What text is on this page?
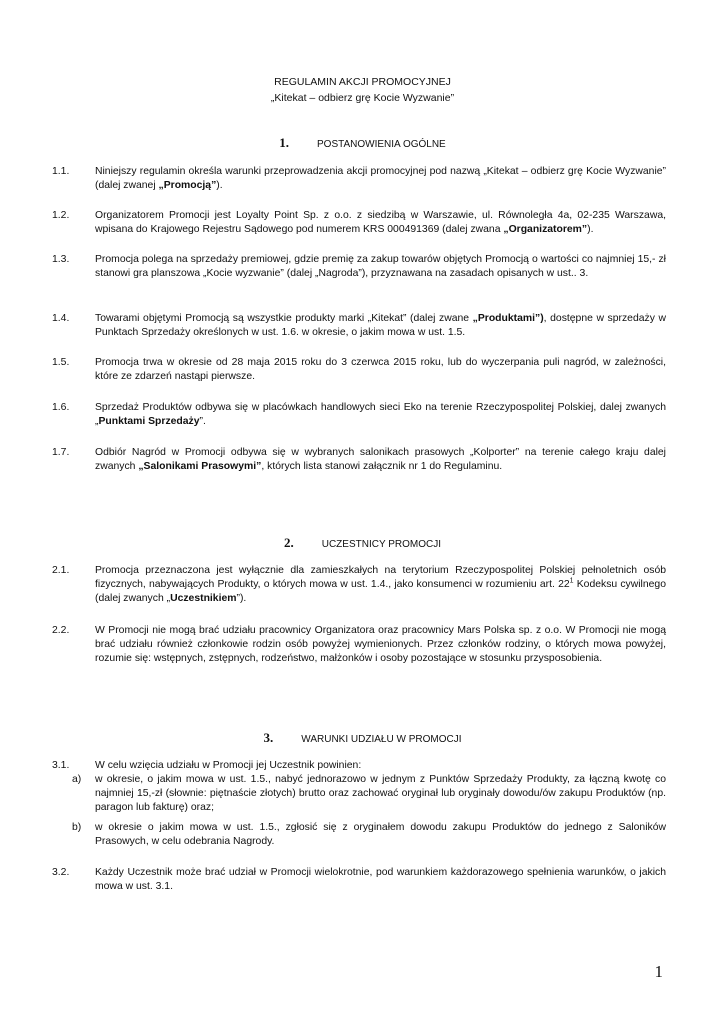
REGULAMIN AKCJI PROMOCYJNEJ
„Kitekat – odbierz grę Kocie Wyzwanie”
1.	POSTANOWIENIA OGÓLNE
1.1. Niniejszy regulamin określa warunki przeprowadzenia akcji promocyjnej pod nazwą „Kitekat – odbierz grę Kocie Wyzwanie” (dalej zwanej „Promocją”).
1.2. Organizatorem Promocji jest Loyalty Point Sp. z o.o. z siedzibą w Warszawie, ul. Równoległa 4a, 02-235 Warszawa, wpisana do Krajowego Rejestru Sądowego pod numerem KRS 000491369 (dalej zwana „Organizatorem”).
1.3. Promocja polega na sprzedaży premiowej, gdzie premię za zakup towarów objętych Promocją o wartości co najmniej 15,- zł stanowi gra planszowa „Kocie wyzwanie” (dalej „Nagroda”), przyznawana na zasadach opisanych w ust.. 3.
1.4. Towarami objętymi Promocją są wszystkie produkty marki „Kitekat” (dalej zwane „Produktami”), dostępne w sprzedaży w Punktach Sprzedaży określonych w ust. 1.6. w okresie, o jakim mowa w ust. 1.5.
1.5. Promocja trwa w okresie od 28 maja 2015 roku do 3 czerwca 2015 roku, lub do wyczerpania puli nagród, w zależności, które ze zdarzeń nastąpi pierwsze.
1.6. Sprzedaż Produktów odbywa się w placówkach handlowych sieci Eko na terenie Rzeczypospolitej Polskiej, dalej zwanych „Punktami Sprzedaży”.
1.7. Odbiór Nagród w Promocji odbywa się w wybranych salonikach prasowych „Kolporter” na terenie całego kraju dalej zwanych „Salonikami Prasowymi”, których lista stanowi załącznik nr 1 do Regulaminu.
2.	UCZESTNICY PROMOCJI
2.1. Promocja przeznaczona jest wyłącznie dla zamieszkałych na terytorium Rzeczypospolitej Polskiej pełnoletnich osób fizycznych, nabywających Produkty, o których mowa w ust. 1.4., jako konsumenci w rozumieniu art. $22^1$ Kodeksu cywilnego (dalej zwanych „Uczestnikiem”).
2.2. W Promocji nie mogą brać udziału pracownicy Organizatora oraz pracownicy Mars Polska sp. z o.o. W Promocji nie mogą brać udziału również członkowie rodzin osób powyżej wymienionych. Przez członków rodziny, o których mowa powyżej, rozumie się: wstępnych, zstępnych, rodzeństwo, małżonków i osoby pozostające w stosunku przysposobienia.
3.	WARUNKI UDZIAŁU W PROMOCJI
3.1. W celu wzięcia udziału w Promocji jej Uczestnik powinien:
a) w okresie, o jakim mowa w ust. 1.5., nabyć jednorazowo w jednym z Punktów Sprzedaży Produkty, za łączną kwotę co najmniej 15,-zł (słownie: piętnaście złotych) brutto oraz zachować oryginał lub oryginały dowodu/ów zakupu Produktów (np. paragon lub fakturę) oraz;
b) w okresie o jakim mowa w ust. 1.5., zgłosić się z oryginałem dowodu zakupu Produktów do jednego z Saloników Prasowych, w celu odebrania Nagrody.
3.2. Każdy Uczestnik może brać udział w Promocji wielokrotnie, pod warunkiem każdorazowego spełnienia warunków, o jakich mowa w ust. 3.1.
1
